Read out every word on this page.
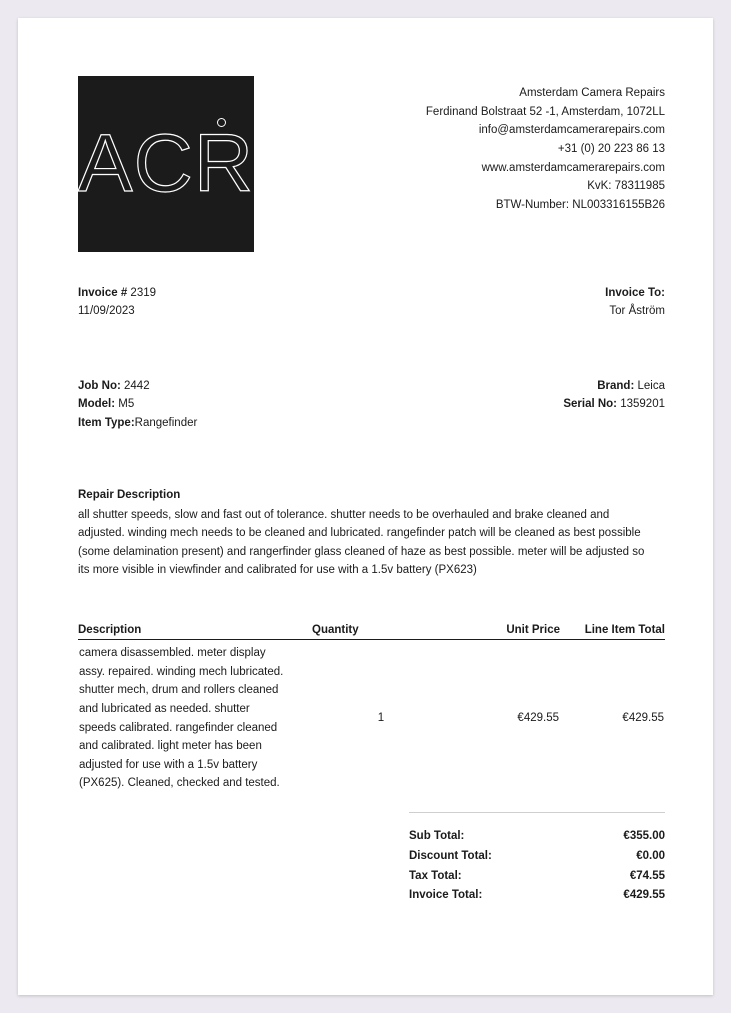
ACR
Amsterdam Camera Repairs
Ferdinand Bolstraat 52 -1, Amsterdam, 1072LL
info@amsterdamcamerarepairs.com
+31 (0) 20 223 86 13
www.amsterdamcamerarepairs.com
KvK: 78311985
BTW-Number: NL003316155B26
Invoice # 2319
11/09/2023
Invoice To:
Tor Åström
Job No: 2442
Model: M5
Item Type:Rangefinder
Brand: Leica
Serial No: 1359201
Repair Description
all shutter speeds, slow and fast out of tolerance. shutter needs to be overhauled and brake cleaned and adjusted. winding mech needs to be cleaned and lubricated. rangefinder patch will be cleaned as best possible (some delamination present) and rangerfinder glass cleaned of haze as best possible. meter will be adjusted so its more visible in viewfinder and calibrated for use with a 1.5v battery (PX623)
Description	Quantity	Unit Price	Line Item Total
camera disassembled. meter display assy. repaired. winding mech lubricated. shutter mech, drum and rollers cleaned and lubricated as needed. shutter speeds calibrated. rangefinder cleaned and calibrated. light meter has been adjusted for use with a 1.5v battery (PX625). Cleaned, checked and tested.	1	€429.55	€429.55
Sub Total:	€355.00
Discount Total:	€0.00
Tax Total:	€74.55
Invoice Total:	€429.55
